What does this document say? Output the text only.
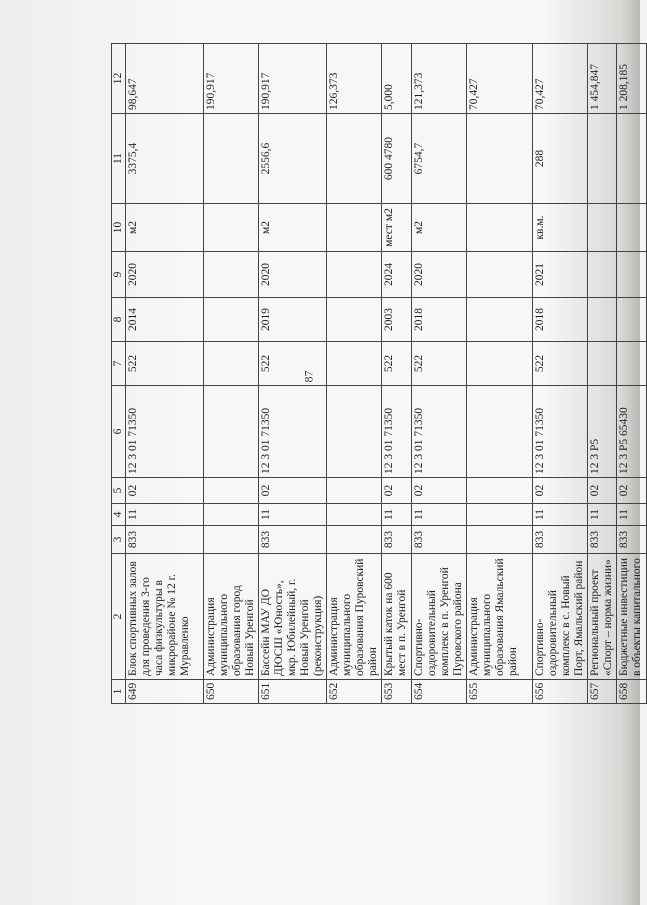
87
1	2	3	4	5	6	7	8	9	10	11	12
649	Блок спортивных залов для проведения 3-го часа физкультуры в микрорайоне № 12 г. Муравленко	833	11	02	12 3 01 71350	522	2014	2020	м2	3375,4	98,647
650	Администрация муниципального образования город Новый Уренгой										190,917
651	Бассейн МАУ ДО ДЮСШ «Юность», мкр. Юбилейный, г. Новый Уренгой (реконструкция)	833	11	02	12 3 01 71350	522	2019	2020	м2	2556,6	190,917
652	Администрация муниципального образования Пуровский район										126,373
653	Крытый каток на 600 мест в п. Уренгой	833	11	02	12 3 01 71350	522	2003	2024	мест м2	600 4780	5,000
654	Спортивно-оздоровительный комплекс в п. Уренгой Пуровского района	833	11	02	12 3 01 71350	522	2018	2020	м2	6754,7	121,373
655	Администрация муниципального образования Ямальский район										70,427
656	Спортивно-оздоровительный комплекс в с. Новый Порт, Ямальский район	833	11	02	12 3 01 71350	522	2018	2021	кв.м.	288	70,427
657	Региональный проект «Спорт – норма жизни»	833	11	02	12 3 P5						1 454,847
658	Бюджетные инвестиции в объекты капитального	833	11	02	12 3 P5 65430						1 208,185
